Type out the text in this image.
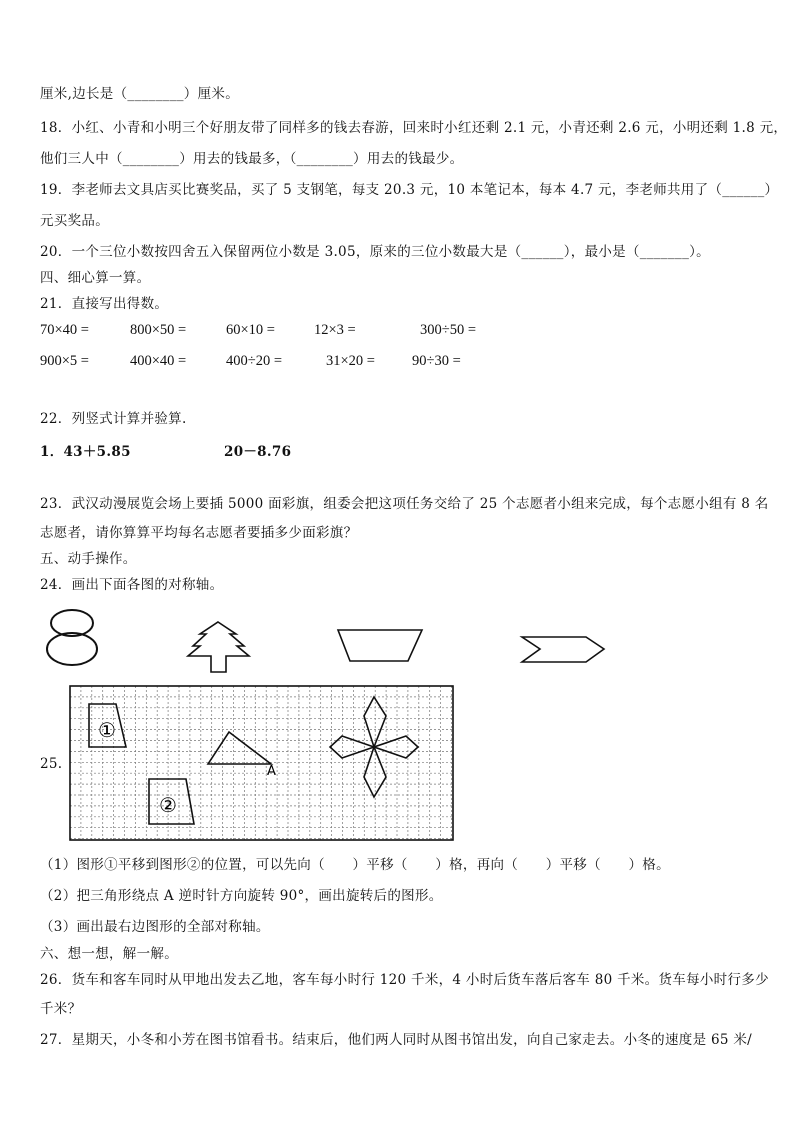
厘米,边长是（________）厘米。
18．小红、小青和小明三个好朋友带了同样多的钱去春游，回来时小红还剩 2.1 元，小青还剩 2.6 元，小明还剩 1.8 元，
他们三人中（________）用去的钱最多，（________）用去的钱最少。
19．李老师去文具店买比赛奖品，买了 5 支钢笔，每支 20.3 元，10 本笔记本，每本 4.7 元，李老师共用了（______）
元买奖品。
20．一个三位小数按四舍五入保留两位小数是 3.05，原来的三位小数最大是（______），最小是（_______）。
四、细心算一算。
21．直接写出得数。
70×40 =	800×50 =	60×10 =	12×3 =	300÷50 =
900×5 =	400×40 =	400÷20 =	31×20 =	90÷30 =
22．列竖式计算并验算.
1．43＋5.85	20－8.76
23．武汉动漫展览会场上要插 5000 面彩旗，组委会把这项任务交给了 25 个志愿者小组来完成，每个志愿小组有 8 名
志愿者，请你算算平均每名志愿者要插多少面彩旗？
五、动手操作。
24．画出下面各图的对称轴。
25.
①
②
A
（1）图形①平移到图形②的位置，可以先向（　　）平移（　　）格，再向（　　）平移（　　）格。
（2）把三角形绕点 A 逆时针方向旋转 90°，画出旋转后的图形。
（3）画出最右边图形的全部对称轴。
六、想一想，解一解。
26．货车和客车同时从甲地出发去乙地，客车每小时行 120 千米，4 小时后货车落后客车 80 千米。货车每小时行多少
千米？
27．星期天，小冬和小芳在图书馆看书。结束后，他们两人同时从图书馆出发，向自己家走去。小冬的速度是 65 米/
